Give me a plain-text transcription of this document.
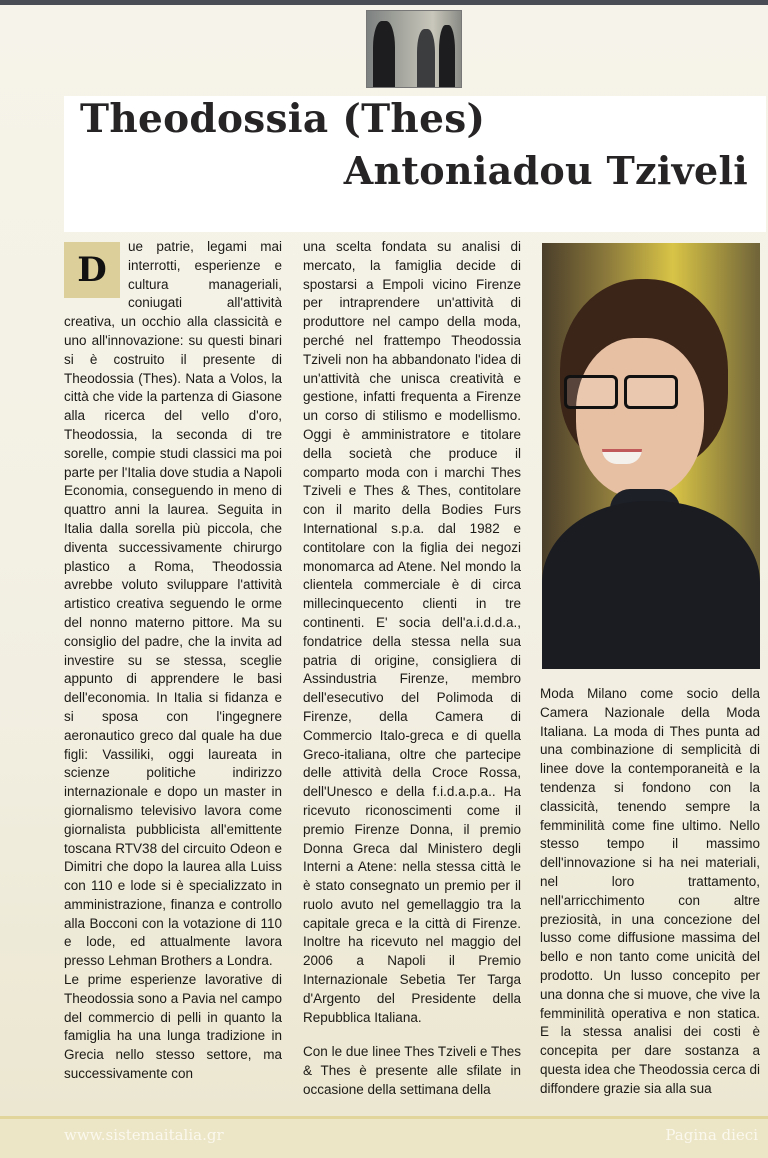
Theodossia (Thes)
Antoniadou Tziveli
D

ue patrie, legami mai interrotti, esperienze e cultura manageriali, coniugati all'attività creativa, un occhio alla classicità e uno all'innovazione: su questi binari si è costruito il presente di Theodossia (Thes). Nata a Volos, la città che vide la partenza di Giasone alla ricerca del vello d'oro, Theodossia, la seconda di tre sorelle, compie studi classici ma poi parte per l'Italia dove studia a Napoli Economia, conseguendo in meno di quattro anni la laurea. Seguita in Italia dalla sorella più piccola, che diventa successivamente chirurgo plastico a Roma, Theodossia avrebbe voluto sviluppare l'attività artistico creativa seguendo le orme del nonno materno pittore. Ma su consiglio del padre, che la invita ad investire su se stessa, sceglie appunto di apprendere le basi dell'economia. In Italia si fidanza e si sposa con l'ingegnere aeronautico greco dal quale ha due figli: Vassiliki, oggi laureata in scienze politiche indirizzo internazionale e dopo un master in giornalismo televisivo lavora come giornalista pubblicista all'emittente toscana RTV38 del circuito Odeon e Dimitri che dopo la laurea alla Luiss con 110 e lode si è specializzato in amministrazione, finanza e controllo alla Bocconi con la votazione di 110 e lode, ed attualmente lavora presso Lehman Brothers a Londra.

Le prime esperienze lavorative di Theodossia sono a Pavia nel campo del commercio di pelli in quanto la famiglia ha una lunga tradizione in Grecia nello stesso settore, ma successivamente con

una scelta fondata su analisi di mercato, la famiglia decide di spostarsi a Empoli vicino Firenze per intraprendere un'attività di produttore nel campo della moda, perché nel frattempo Theodossia Tziveli non ha abbandonato l'idea di un'attività che unisca creatività e gestione, infatti frequenta a Firenze un corso di stilismo e modellismo. Oggi è amministratore e titolare della società che produce il comparto moda con i marchi Thes Tziveli e Thes & Thes, contitolare con il marito della Bodies Furs International s.p.a. dal 1982 e contitolare con la figlia dei negozi monomarca ad Atene. Nel mondo la clientela commerciale è di circa millecinquecento clienti in tre continenti. E' socia dell'a.i.d.d.a., fondatrice della stessa nella sua patria di origine, consigliera di Assindustria Firenze, membro dell'esecutivo del Polimoda di Firenze, della Camera di Commercio Italo-greca e di quella Greco-italiana, oltre che partecipe delle attività della Croce Rossa, dell'Unesco e della f.i.d.a.p.a.. Ha ricevuto riconoscimenti come il premio Firenze Donna, il premio Donna Greca dal Ministero degli Interni a Atene: nella stessa città le è stato consegnato un premio per il ruolo avuto nel gemellaggio tra la capitale greca e la città di Firenze. Inoltre ha ricevuto nel maggio del 2006 a Napoli il Premio Internazionale Sebetia Ter Targa d'Argento del Presidente della Repubblica Italiana.

Con le due linee Thes Tziveli e Thes & Thes è presente alle sfilate in occasione della settimana della

Moda Milano come socio della Camera Nazionale della Moda Italiana. La moda di Thes punta ad una combinazione di semplicità di linee dove la contemporaneità e la tendenza si fondono con la classicità, tenendo sempre la femminilità come fine ultimo. Nello stesso tempo il massimo dell'innovazione si ha nei materiali, nel loro trattamento, nell'arricchimento con altre preziosità, in una concezione del lusso come diffusione massima del bello e non tanto come unicità del prodotto. Un lusso concepito per una donna che si muove, che vive la femminilità operativa e non statica. E la stessa analisi dei costi è concepita per dare sostanza a questa idea che Theodossia cerca di diffondere grazie sia alla sua

www.sistemaitalia.gr	Pagina dieci
